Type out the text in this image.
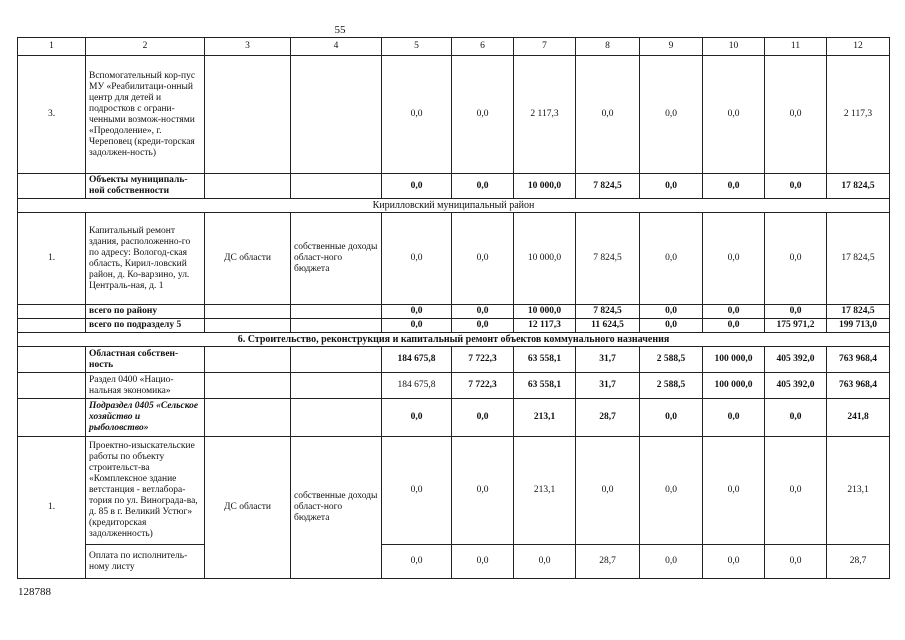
55
1	2	3	4	5	6	7	8	9	10	11	12
3.	Вспомогательный кор-пус МУ «Реабилитаци-онный центр для детей и подростков с ограни-ченными возмож-ностями «Преодоление», г. Череповец (креди-торская задолжен-ность)			0,0	0,0	2 117,3	0,0	0,0	0,0	0,0	2 117,3
	Объекты муниципаль-ной собственности			0,0	0,0	10 000,0	7 824,5	0,0	0,0	0,0	17 824,5
Кирилловский муниципальный район											
1.	Капитальный ремонт здания, расположенно-го по адресу: Вологод-ская область, Кирил-ловский район, д. Ко-варзино, ул. Централь-ная, д. 1	ДС области	собственные доходы област-ного бюджета	0,0	0,0	10 000,0	7 824,5	0,0	0,0	0,0	17 824,5
	всего по району			0,0	0,0	10 000,0	7 824,5	0,0	0,0	0,0	17 824,5
	всего по подразделу 5			0,0	0,0	12 117,3	11 624,5	0,0	0,0	175 971,2	199 713,0
6. Строительство, реконструкция и капитальный ремонт объектов коммунального назначения											
	Областная собствен-ность			184 675,8	7 722,3	63 558,1	31,7	2 588,5	100 000,0	405 392,0	763 968,4
	Раздел 0400 «Нацио-нальная экономика»			184 675,8	7 722,3	63 558,1	31,7	2 588,5	100 000,0	405 392,0	763 968,4
	Подраздел 0405 «Сельское хозяйство и рыболовство»			0,0	0,0	213,1	28,7	0,0	0,0	0,0	241,8
1.	Проектно-изыскательские работы по объекту строительст-ва «Комплексное здание ветстанция - ветлабора-тория по ул. Винограда-ва, д. 85 в г. Великий Устюг» (кредиторская задолженность)	ДС области	собственные доходы област-ного бюджета	0,0	0,0	213,1	0,0	0,0	0,0	0,0	213,1
	Оплата по исполнитель-ному листу			0,0	0,0	0,0	28,7	0,0	0,0	0,0	28,7
128788
